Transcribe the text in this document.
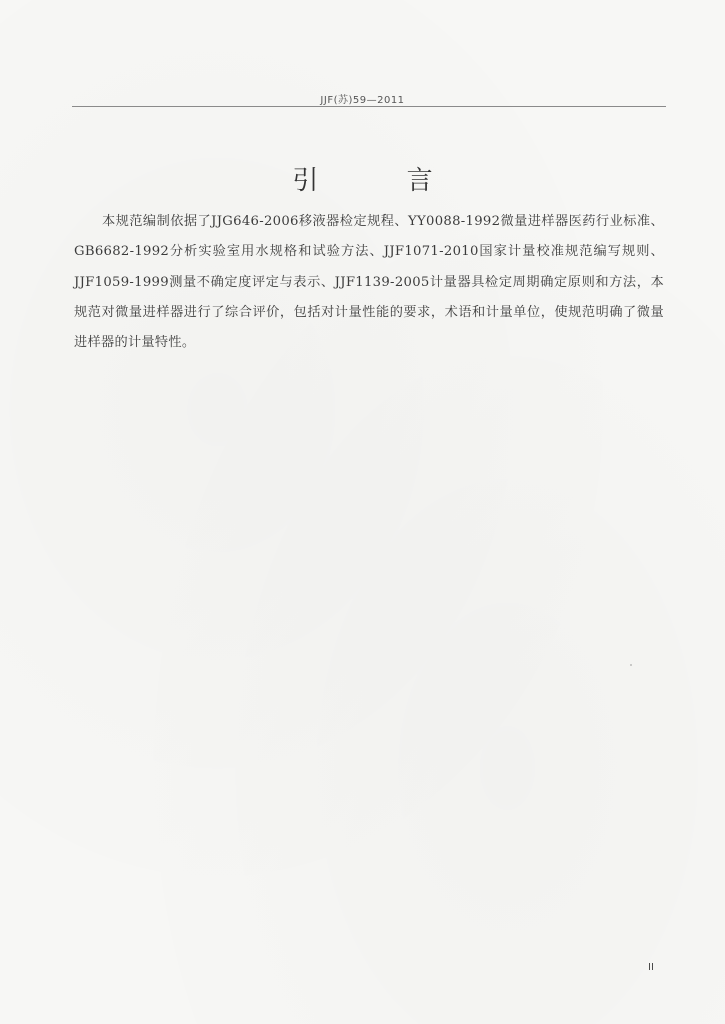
JJF(苏)59—2011
引 言

本规范编制依据了JJG646-2006移液器检定规程、YY0088-1992微量进样器医药行业标准、GB6682-1992分析实验室用水规格和试验方法、JJF1071-2010国家计量校准规范编写规则、JJF1059-1999测量不确定度评定与表示、JJF1139-2005计量器具检定周期确定原则和方法，本规范对微量进样器进行了综合评价，包括对计量性能的要求，术语和计量单位，使规范明确了微量进样器的计量特性。

II
